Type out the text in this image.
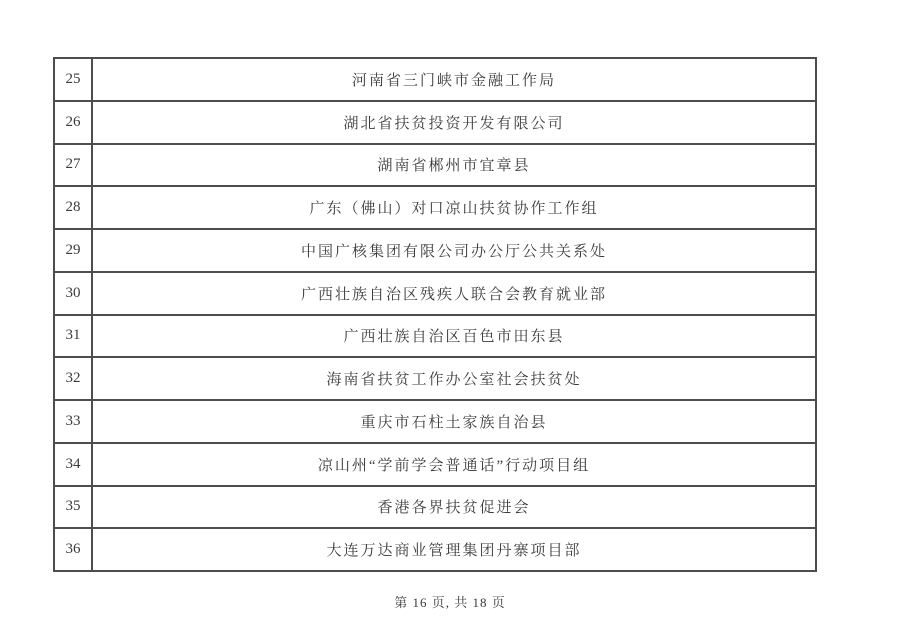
25	河南省三门峡市金融工作局
26	湖北省扶贫投资开发有限公司
27	湖南省郴州市宜章县
28	广东（佛山）对口凉山扶贫协作工作组
29	中国广核集团有限公司办公厅公共关系处
30	广西壮族自治区残疾人联合会教育就业部
31	广西壮族自治区百色市田东县
32	海南省扶贫工作办公室社会扶贫处
33	重庆市石柱土家族自治县
34	凉山州“学前学会普通话”行动项目组
35	香港各界扶贫促进会
36	大连万达商业管理集团丹寨项目部
第 16 页, 共 18 页
